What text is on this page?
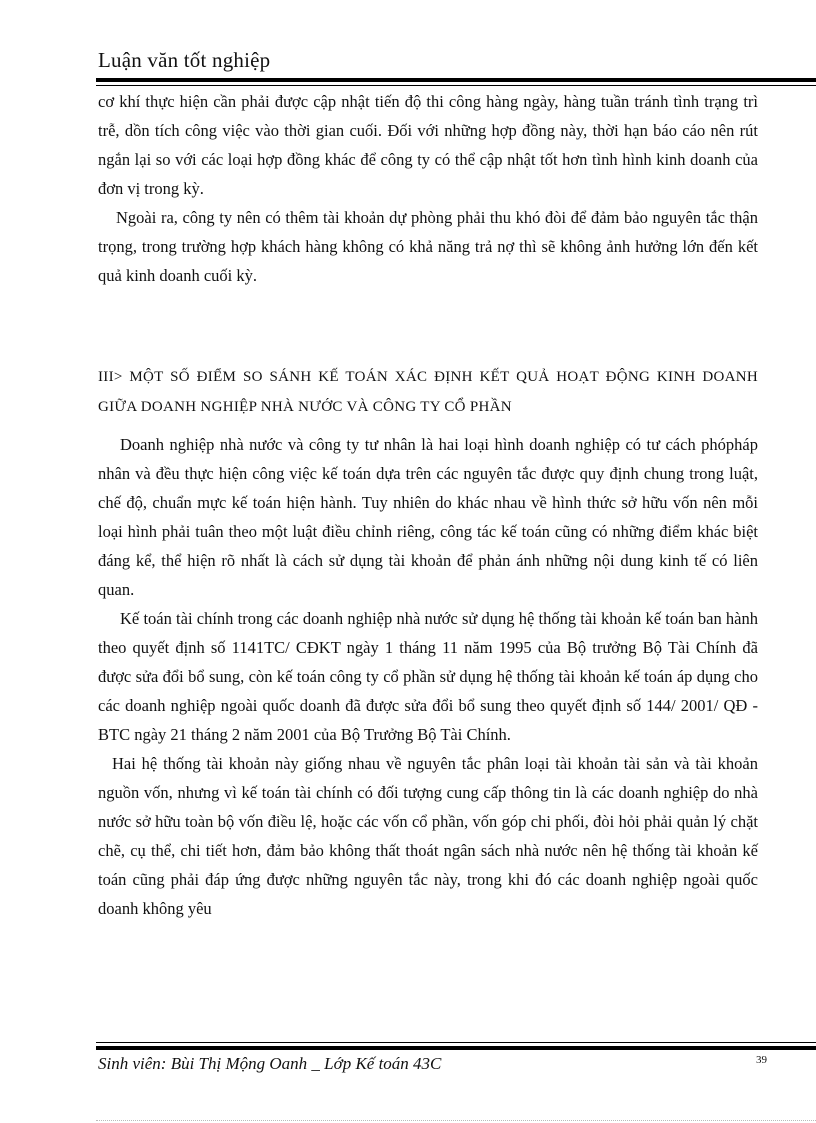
Luận văn tốt nghiệp

cơ khí thực hiện cần phải được cập nhật tiến độ thi công hàng ngày, hàng tuần tránh tình trạng trì trễ, dồn tích công việc vào thời gian cuối. Đối với những hợp đồng này, thời hạn báo cáo nên rút ngắn lại so với các loại hợp đồng khác để công ty có thể cập nhật tốt hơn tình hình kinh doanh của đơn vị trong kỳ.

Ngoài ra, công ty nên có thêm tài khoản dự phòng phải thu khó đòi để đảm bảo nguyên tắc thận trọng, trong trường hợp khách hàng không có khả năng trả nợ thì sẽ không ảnh hưởng lớn đến kết quả kinh doanh cuối kỳ.

III> MỘT SỐ ĐIỂM SO SÁNH KẾ TOÁN XÁC ĐỊNH KẾT QUẢ HOẠT ĐỘNG KINH DOANH GIỮA DOANH NGHIỆP NHÀ NƯỚC VÀ CÔNG TY CỔ PHẦN

Doanh nghiệp nhà nước và công ty tư nhân là hai loại hình doanh nghiệp có tư cách phópháp nhân và đều thực hiện công việc kế toán dựa trên các nguyên tắc được quy định chung trong luật, chế độ, chuẩn mực kế toán hiện hành. Tuy nhiên do khác nhau về hình thức sở hữu vốn nên mỗi loại hình phải tuân theo một luật điều chỉnh riêng, công tác kế toán cũng có những điểm khác biệt đáng kể, thể hiện rõ nhất là cách sử dụng tài khoản để phản ánh những nội dung kinh tế có liên quan.

Kế toán tài chính trong các doanh nghiệp nhà nước sử dụng hệ thống tài khoản kế toán ban hành theo quyết định số 1141TC/ CĐKT ngày 1 tháng 11 năm 1995 của Bộ trưởng Bộ Tài Chính đã được sửa đổi bổ sung, còn kế toán công ty cổ phần sử dụng hệ thống tài khoản kế toán áp dụng cho các doanh nghiệp ngoài quốc doanh đã được sửa đổi bổ sung theo quyết định số 144/ 2001/ QĐ - BTC ngày 21 tháng 2 năm 2001 của Bộ Trưởng Bộ Tài Chính.

Hai hệ thống tài khoản này giống nhau về nguyên tắc phân loại tài khoản tài sản và tài khoản nguồn vốn, nhưng vì kế toán tài chính có đối tượng cung cấp thông tin là các doanh nghiệp do nhà nước sở hữu toàn bộ vốn điều lệ, hoặc các vốn cổ phần, vốn góp chi phối, đòi hỏi phải quản lý chặt chẽ, cụ thể, chi tiết hơn, đảm bảo không thất thoát ngân sách nhà nước nên hệ thống tài khoản kế toán cũng phải đáp ứng được những nguyên tắc này, trong khi đó các doanh nghiệp ngoài quốc doanh không yêu

Sinh viên: Bùi Thị Mộng Oanh _ Lớp Kế toán 43C	39
